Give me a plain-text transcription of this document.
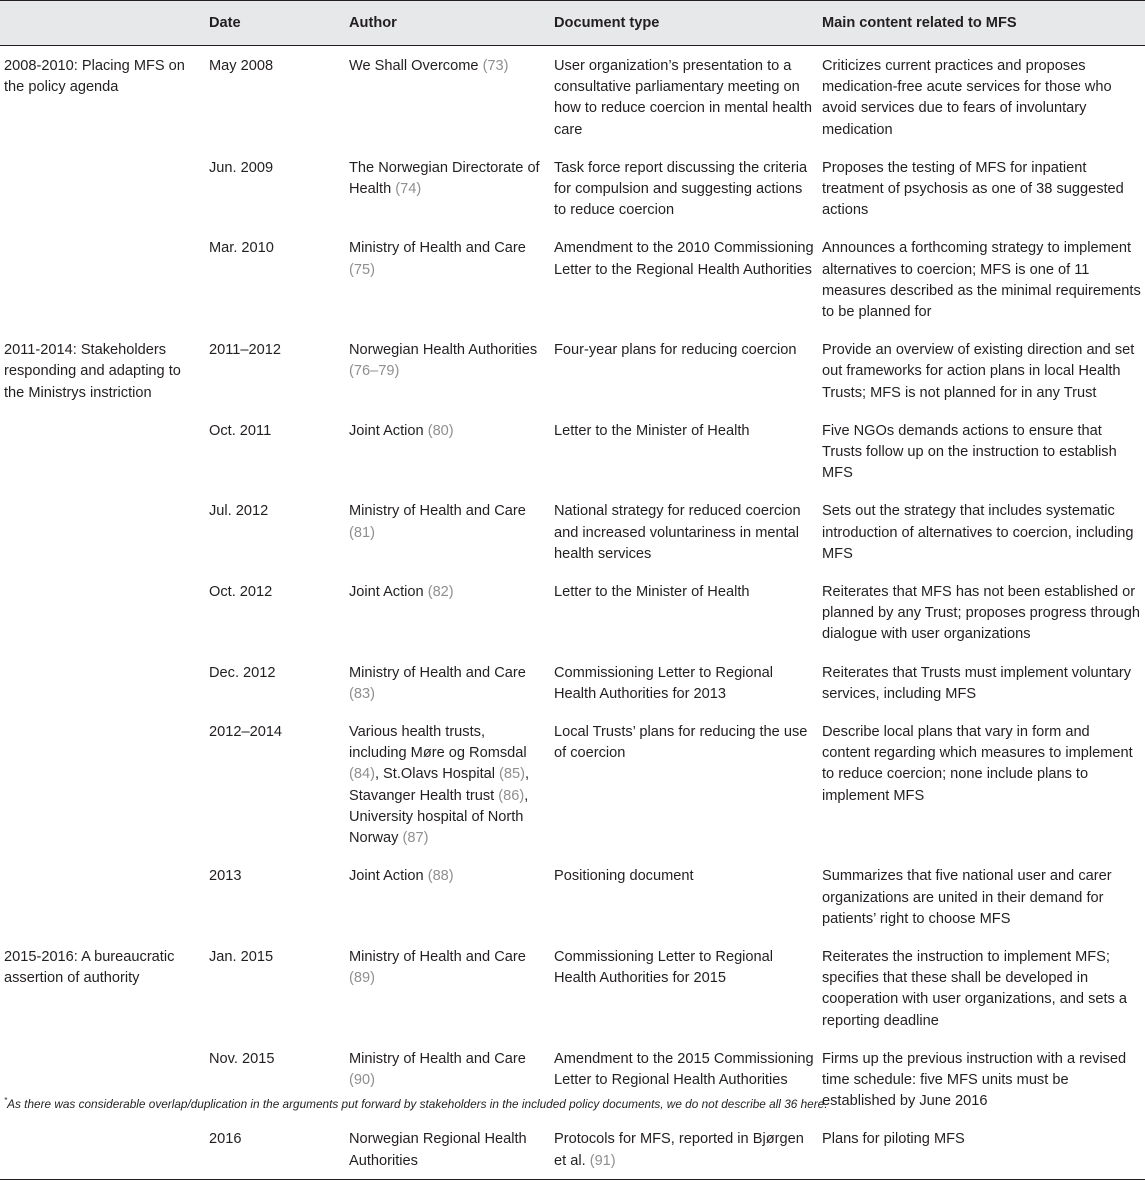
	Date	Author	Document type	Main content related to MFS
2008-2010: Placing MFS on the policy agenda	May 2008	We Shall Overcome (73)	User organization’s presentation to a consultative parliamentary meeting on how to reduce coercion in mental health care	Criticizes current practices and proposes medication-free acute services for those who avoid services due to fears of involuntary medication
	Jun. 2009	The Norwegian Directorate of Health (74)	Task force report discussing the criteria for compulsion and suggesting actions to reduce coercion	Proposes the testing of MFS for inpatient treatment of psychosis as one of 38 suggested actions
	Mar. 2010	Ministry of Health and Care (75)	Amendment to the 2010 Commissioning Letter to the Regional Health Authorities	Announces a forthcoming strategy to implement alternatives to coercion; MFS is one of 11 measures described as the minimal requirements to be planned for
2011-2014: Stakeholders responding and adapting to the Ministrys instriction	2011–2012	Norwegian Health Authorities (76–79)	Four-year plans for reducing coercion	Provide an overview of existing direction and set out frameworks for action plans in local Health Trusts; MFS is not planned for in any Trust
	Oct. 2011	Joint Action (80)	Letter to the Minister of Health	Five NGOs demands actions to ensure that Trusts follow up on the instruction to establish MFS
	Jul. 2012	Ministry of Health and Care (81)	National strategy for reduced coercion and increased voluntariness in mental health services	Sets out the strategy that includes systematic introduction of alternatives to coercion, including MFS
	Oct. 2012	Joint Action (82)	Letter to the Minister of Health	Reiterates that MFS has not been established or planned by any Trust; proposes progress through dialogue with user organizations
	Dec. 2012	Ministry of Health and Care (83)	Commissioning Letter to Regional Health Authorities for 2013	Reiterates that Trusts must implement voluntary services, including MFS
	2012–2014	Various health trusts, including Møre og Romsdal (84), St.Olavs Hospital (85), Stavanger Health trust (86), University hospital of North Norway (87)	Local Trusts’ plans for reducing the use of coercion	Describe local plans that vary in form and content regarding which measures to implement to reduce coercion; none include plans to implement MFS
	2013	Joint Action (88)	Positioning document	Summarizes that five national user and carer organizations are united in their demand for patients’ right to choose MFS
2015-2016: A bureaucratic assertion of authority	Jan. 2015	Ministry of Health and Care (89)	Commissioning Letter to Regional Health Authorities for 2015	Reiterates the instruction to implement MFS; specifies that these shall be developed in cooperation with user organizations, and sets a reporting deadline
	Nov. 2015	Ministry of Health and Care (90)	Amendment to the 2015 Commissioning Letter to Regional Health Authorities	Firms up the previous instruction with a revised time schedule: five MFS units must be established by June 2016
	2016	Norwegian Regional Health Authorities	Protocols for MFS, reported in Bjørgen et al. (91)	Plans for piloting MFS
*As there was considerable overlap/duplication in the arguments put forward by stakeholders in the included policy documents, we do not describe all 36 here.
